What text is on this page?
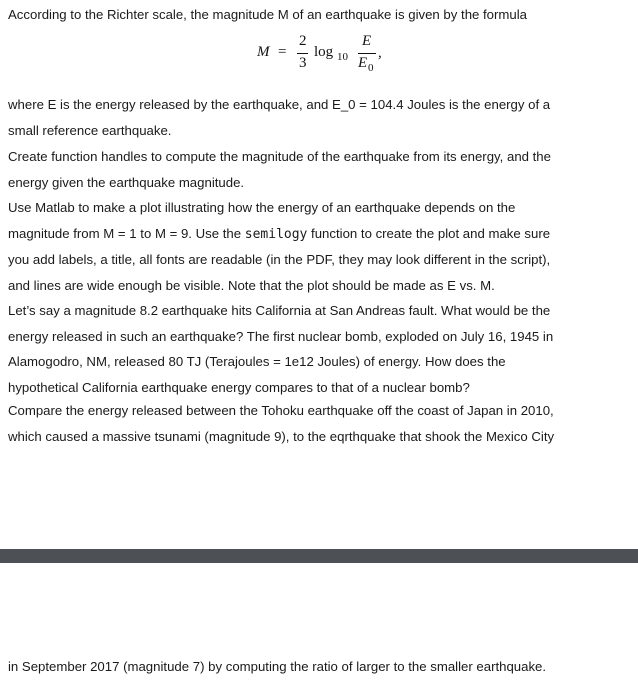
According to the Richter scale, the magnitude M of an earthquake is given by the formula

M =
2
3
log 10
E
E 0
,

where E is the energy released by the earthquake, and E_0 = 104.4 Joules is the energy of a
small reference earthquake.

Create function handles to compute the magnitude of the earthquake from its energy, and the
energy given the earthquake magnitude.

Use Matlab to make a plot illustrating how the energy of an earthquake depends on the
magnitude from M = 1 to M = 9. Use the semilogy function to create the plot and make sure
you add labels, a title, all fonts are readable (in the PDF, they may look different in the script),
and lines are wide enough be visible. Note that the plot should be made as E vs. M.

Let’s say a magnitude 8.2 earthquake hits California at San Andreas fault. What would be the
energy released in such an earthquake? The first nuclear bomb, exploded on July 16, 1945 in
Alamogodro, NM, released 80 TJ (Terajoules = 1e12 Joules) of energy. How does the
hypothetical California earthquake energy compares to that of a nuclear bomb?

Compare the energy released between the Tohoku earthquake off the coast of Japan in 2010,
which caused a massive tsunami (magnitude 9), to the eqrthquake that shook the Mexico City

in September 2017 (magnitude 7) by computing the ratio of larger to the smaller earthquake.
